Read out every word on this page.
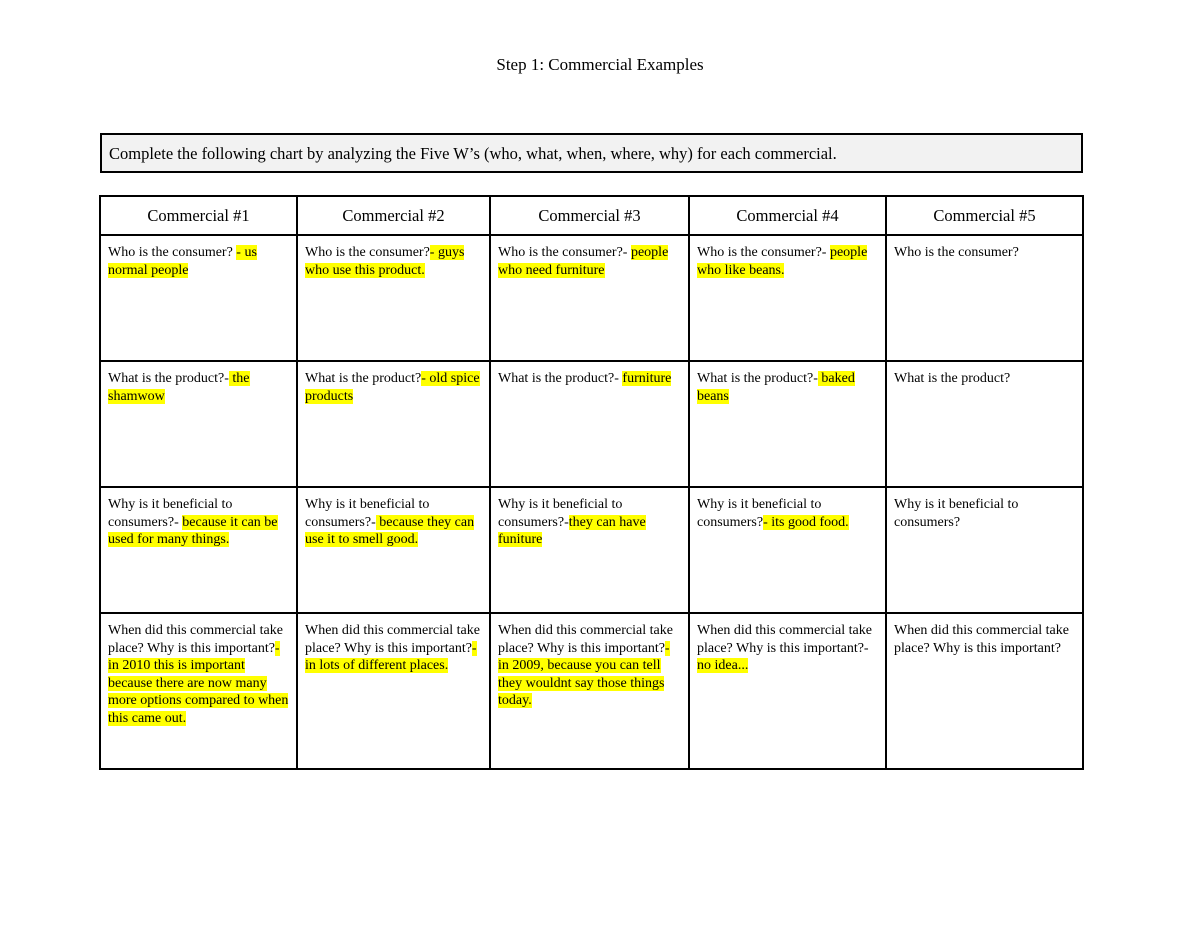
Step 1: Commercial Examples
Complete the following chart by analyzing the Five W’s (who, what, when, where, why) for each commercial.
Commercial #1	Commercial #2	Commercial #3	Commercial #4	Commercial #5

Who is the consumer? - us normal people	Who is the consumer?- guys who use this product.	Who is the consumer?- people who need furniture	Who is the consumer?- people who like beans.	Who is the consumer?

What is the product?- the shamwow	What is the product?- old spice products	What is the product?- furniture	What is the product?- baked beans	What is the product?

Why is it beneficial to consumers?- because it can be used for many things.	Why is it beneficial to consumers?- because they can use it to smell good.	Why is it beneficial to consumers?-they can have funiture	Why is it beneficial to consumers?- its good food.	Why is it beneficial to consumers?

When did this commercial take place? Why is this important?- in 2010 this is important because there are now many more options compared to when this came out.	When did this commercial take place? Why is this important?- in lots of different places.	When did this commercial take place? Why is this important?- in 2009, because you can tell they wouldnt say those things today.	When did this commercial take place? Why is this important?- no idea...	When did this commercial take place? Why is this important?
